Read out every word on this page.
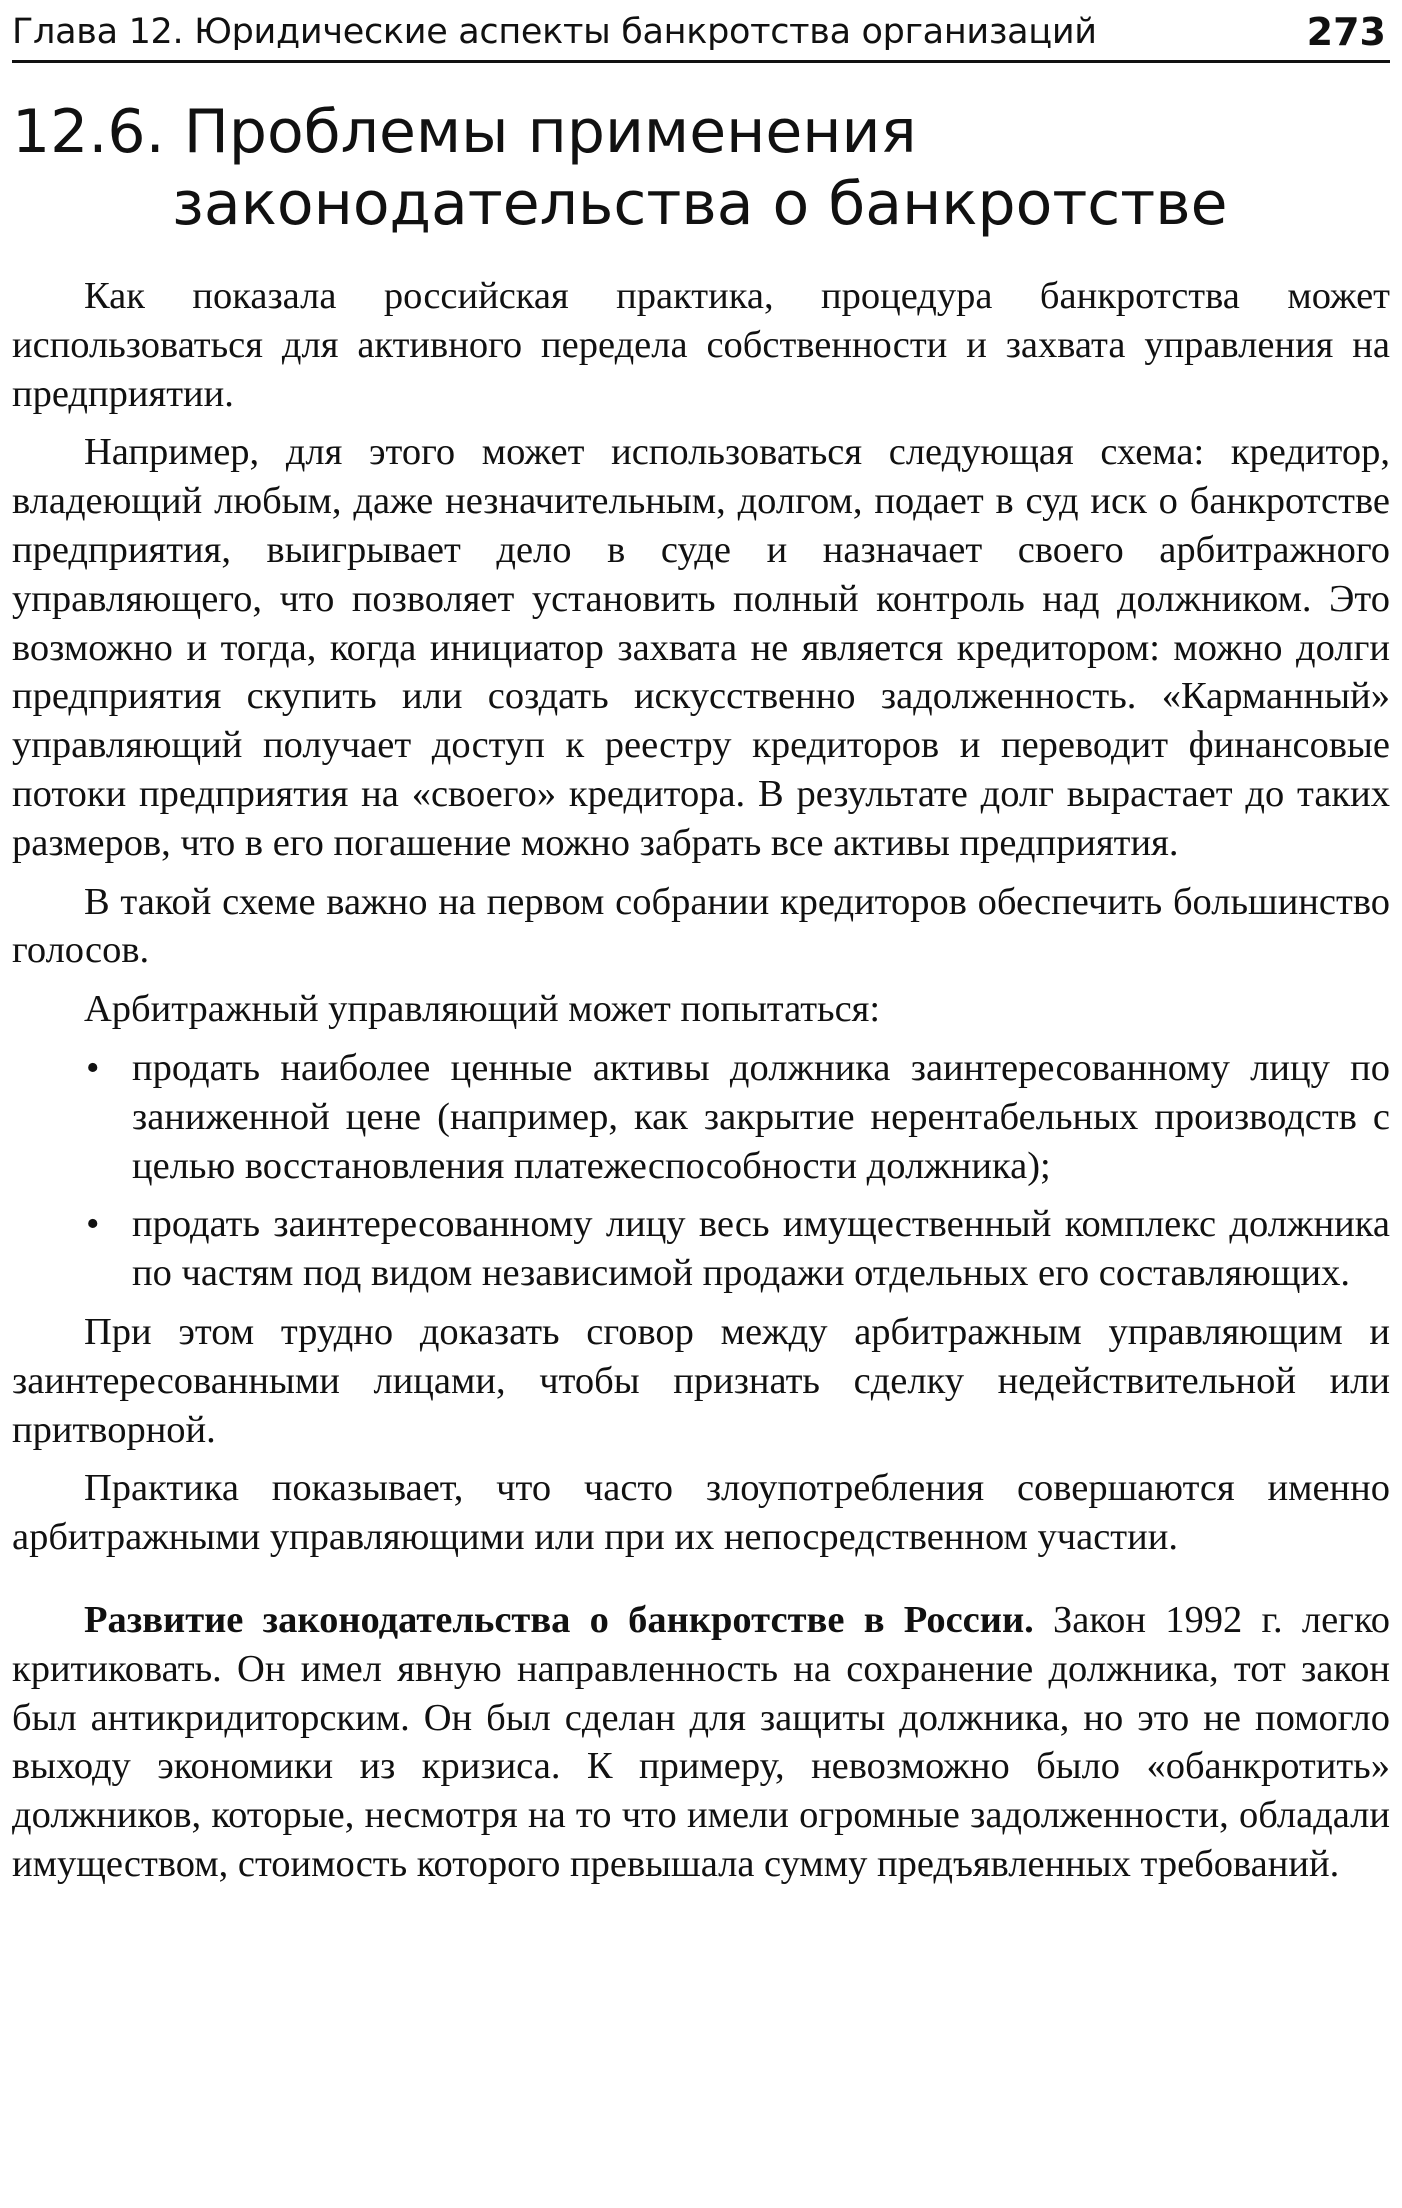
Глава 12. Юридические аспекты банкротства организаций	273
12.6. Проблемы применения
законодательства о банкротстве

Как показала российская практика, процедура банкротства может использоваться для активного передела собственности и захвата управления на предприятии.

Например, для этого может использоваться следующая схема: кредитор, владеющий любым, даже незначительным, долгом, подает в суд иск о банкротстве предприятия, выигрывает дело в суде и назначает своего арбитражного управляющего, что позволяет установить полный контроль над должником. Это возможно и тогда, когда инициатор захвата не является кредитором: можно долги предприятия скупить или создать искусственно задолженность. «Карманный» управляющий получает доступ к реестру кредиторов и переводит финансовые потоки предприятия на «своего» кредитора. В результате долг вырастает до таких размеров, что в его погашение можно забрать все активы предприятия.

В такой схеме важно на первом собрании кредиторов обеспечить большинство голосов.

Арбитражный управляющий может попытаться:

• продать наиболее ценные активы должника заинтересованному лицу по заниженной цене (например, как закрытие нерентабельных производств с целью восстановления платежеспособности должника);
• продать заинтересованному лицу весь имущественный комплекс должника по частям под видом независимой продажи отдельных его составляющих.

При этом трудно доказать сговор между арбитражным управляющим и заинтересованными лицами, чтобы признать сделку недействительной или притворной.

Практика показывает, что часто злоупотребления совершаются именно арбитражными управляющими или при их непосредственном участии.

Развитие законодательства о банкротстве в России. Закон 1992 г. легко критиковать. Он имел явную направленность на сохранение должника, тот закон был антикридиторским. Он был сделан для защиты должника, но это не помогло выходу экономики из кризиса. К примеру, невозможно было «обанкротить» должников, которые, несмотря на то что имели огромные задолженности, обладали имуществом, стоимость которого превышала сумму предъявленных требований.
